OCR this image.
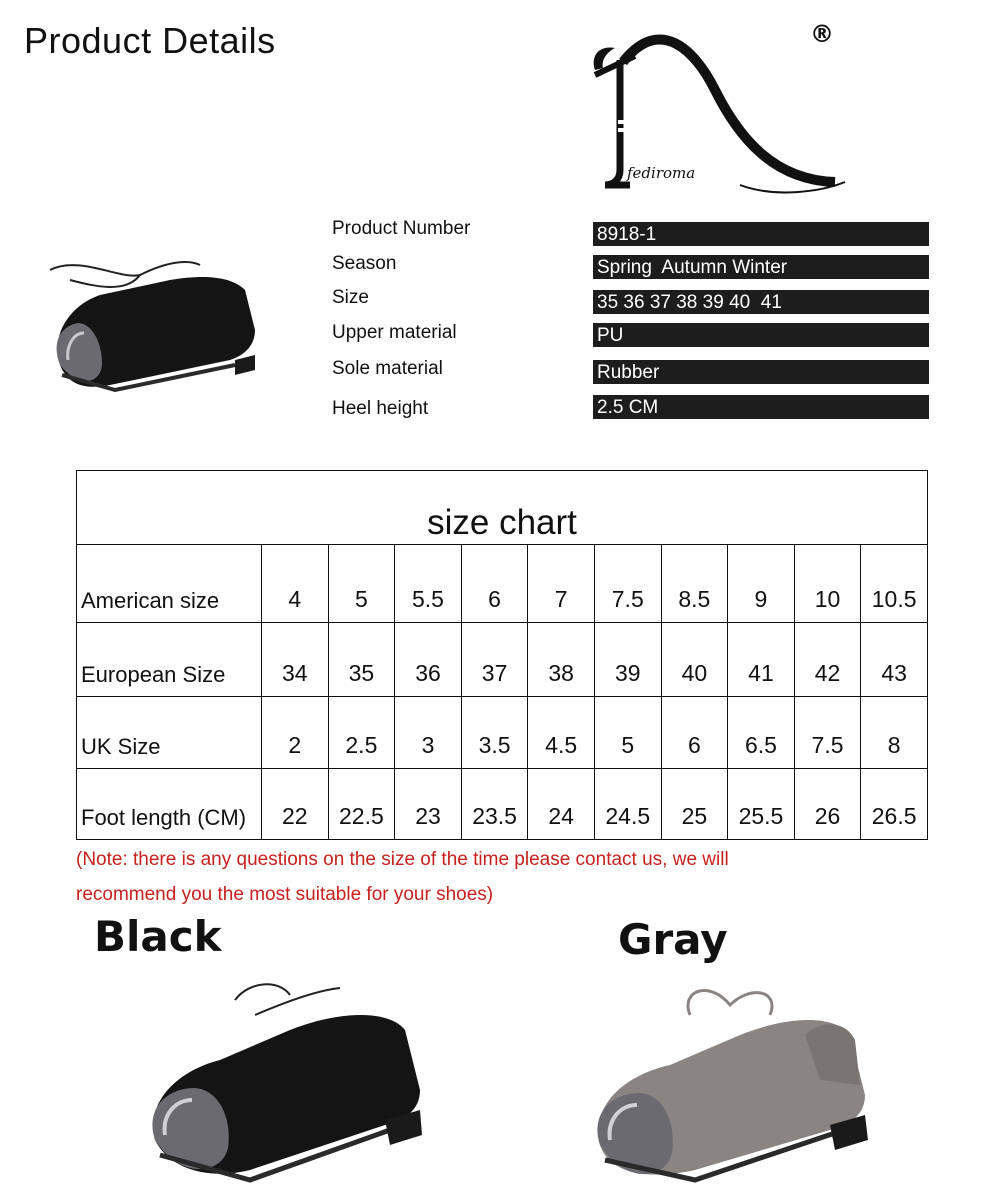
Product Details	®
fediroma
Product Number	8918-1
Season	Spring  Autumn Winter
Size	35 36 37 38 39 40  41
Upper material	PU
Sole material	Rubber
Heel height	2.5 CM
size chart
American size	4	5	5.5	6	7	7.5	8.5	9	10	10.5
European Size	34	35	36	37	38	39	40	41	42	43
UK Size	2	2.5	3	3.5	4.5	5	6	6.5	7.5	8
Foot length (CM)	22	22.5	23	23.5	24	24.5	25	25.5	26	26.5
(Note: there is any questions on the size of the time please contact us, we will
recommend you the most suitable for your shoes)
Black	Gray
